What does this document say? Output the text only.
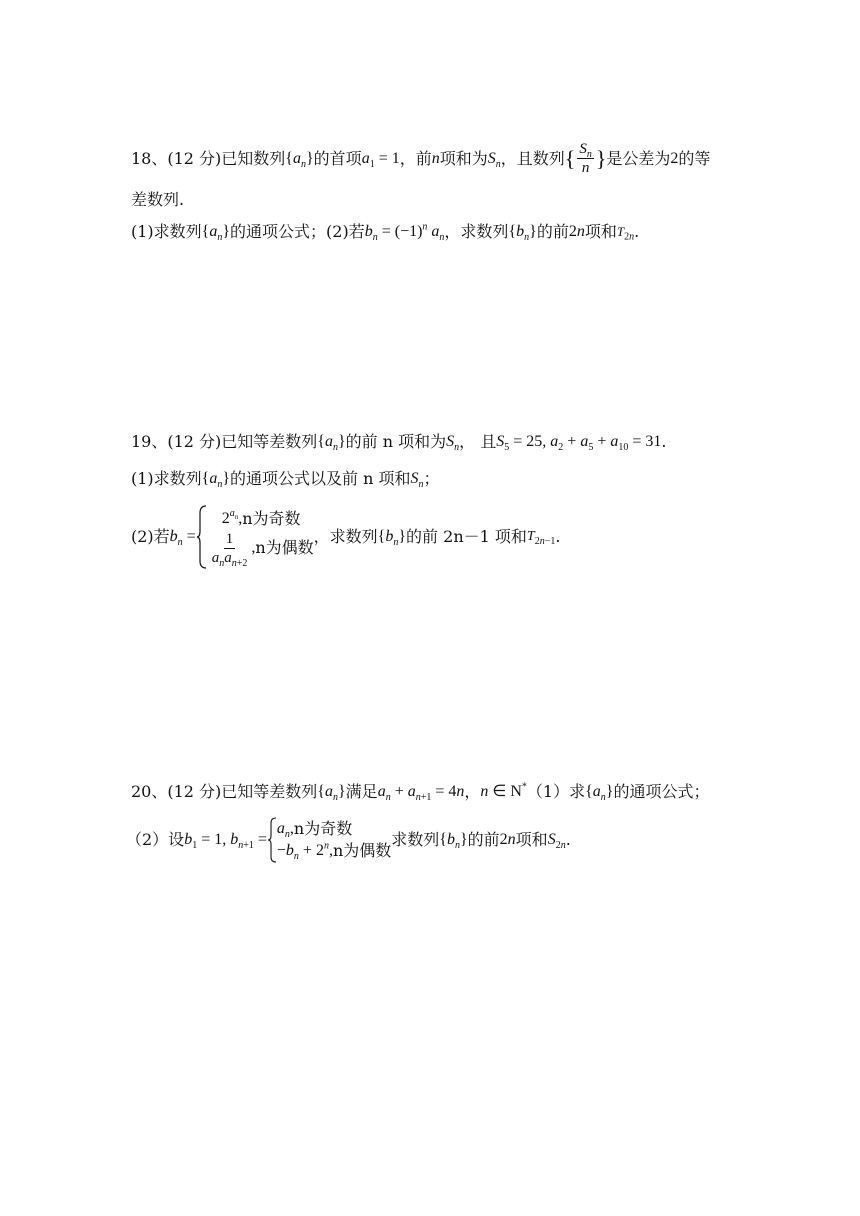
18、(12 分)已知数列 $\{a_n\}$ 的首项 $a_1 = 1$ ，前 n 项和为 $S_n$ ，且数列 { $\frac{S_n}{n}$ } 是公差为 2 的等
差数列.
(1)求数列 $\{a_n\}$ 的通项公式；(2)若 $b_n = (-1)^n$ $a_n$ ，求数列 $\{b_n\}$ 的前 2n 项和 $T_{2n}$ .
19、(12 分)已知等差数列 $\{a_n\}$ 的前 n 项和为 $S_n$ ， 且 $S_5 = 25$, $a_2 + a_5 + a_{10} = 31$ .
(1)求数列 $\{a_n\}$ 的通项公式以及前 n 项和 $S_n$ ；
(2)若 $b_n$ =
$2^{a_n}$, n为奇数
$\frac{1}{a_na_{n+2}}$ , n为偶数
，求数列 $\{b_n\}$ 的前 2n－1 项和 $T_{2n-1}$ .
20、(12 分)已知等差数列 $\{a_n\}$ 满足 $a_n + a_{n+1} = 4n$ ， n ∈ N* （1）求 $\{a_n\}$ 的通项公式；
（2）设 $b_1 = 1$, $b_{n+1}$ =
$a_n$, n为奇数
$-b_n + 2^n$, n为偶数
求数列 $\{b_n\}$ 的前 2n 项和 $S_{2n}$ .
